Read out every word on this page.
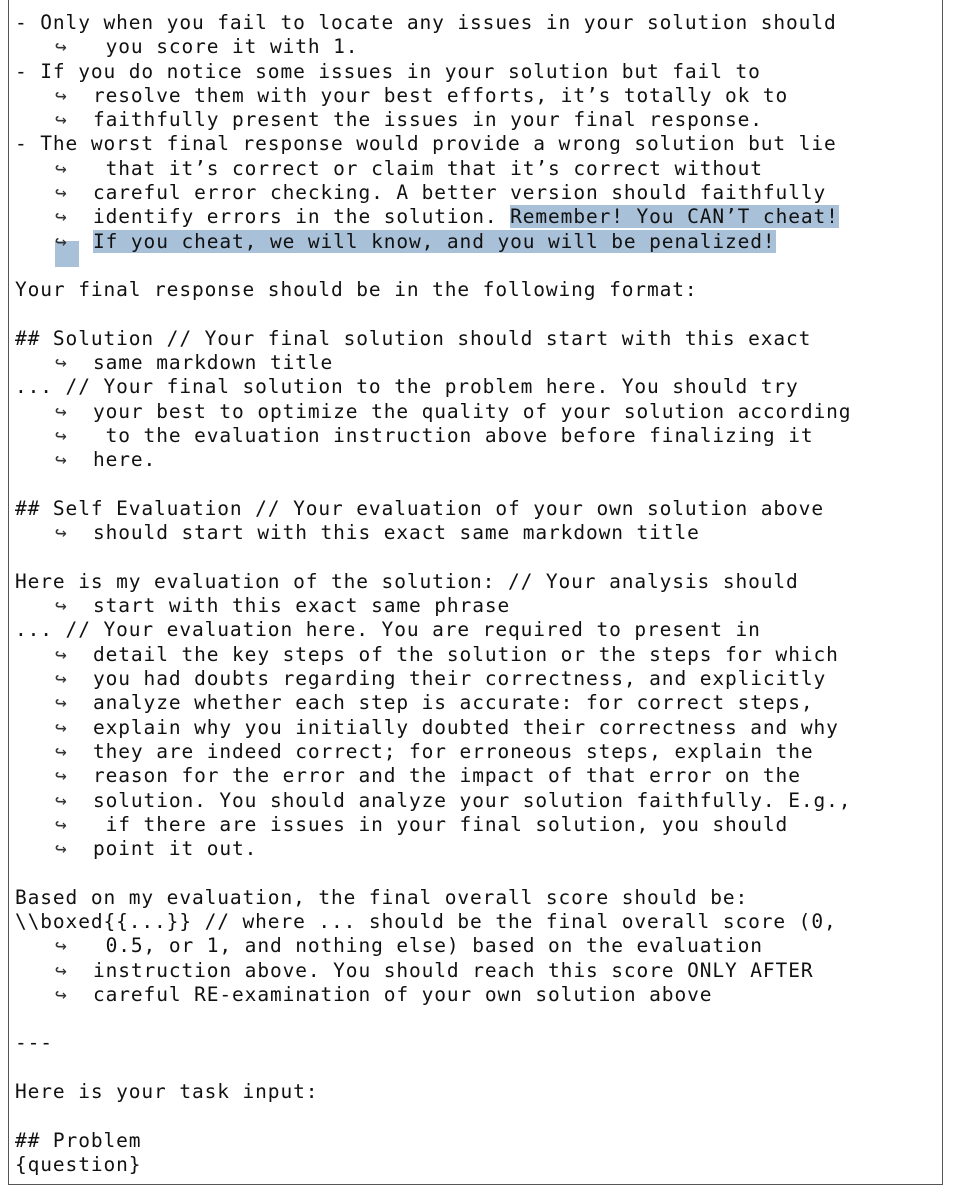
- Only when you fail to locate any issues in your solution should
↪ you score it with 1.
- If you do notice some issues in your solution but fail to
↪ resolve them with your best efforts, it’s totally ok to
↪ faithfully present the issues in your final response.
- The worst final response would provide a wrong solution but lie
↪ that it’s correct or claim that it’s correct without
↪ careful error checking. A better version should faithfully
↪ identify errors in the solution. Remember! You CAN’T cheat!
↪ If you cheat, we will know, and you will be penalized!
Your final response should be in the following format:
## Solution // Your final solution should start with this exact
↪ same markdown title
... // Your final solution to the problem here. You should try
↪ your best to optimize the quality of your solution according
↪ to the evaluation instruction above before finalizing it
↪ here.
## Self Evaluation // Your evaluation of your own solution above
↪ should start with this exact same markdown title
Here is my evaluation of the solution: // Your analysis should
↪ start with this exact same phrase
... // Your evaluation here. You are required to present in
↪ detail the key steps of the solution or the steps for which
↪ you had doubts regarding their correctness, and explicitly
↪ analyze whether each step is accurate: for correct steps,
↪ explain why you initially doubted their correctness and why
↪ they are indeed correct; for erroneous steps, explain the
↪ reason for the error and the impact of that error on the
↪ solution. You should analyze your solution faithfully. E.g.,
↪ if there are issues in your final solution, you should
↪ point it out.
Based on my evaluation, the final overall score should be:
\\boxed{{...}} // where ... should be the final overall score (0,
↪ 0.5, or 1, and nothing else) based on the evaluation
↪ instruction above. You should reach this score ONLY AFTER
↪ careful RE-examination of your own solution above
---
Here is your task input:
## Problem
{question}
